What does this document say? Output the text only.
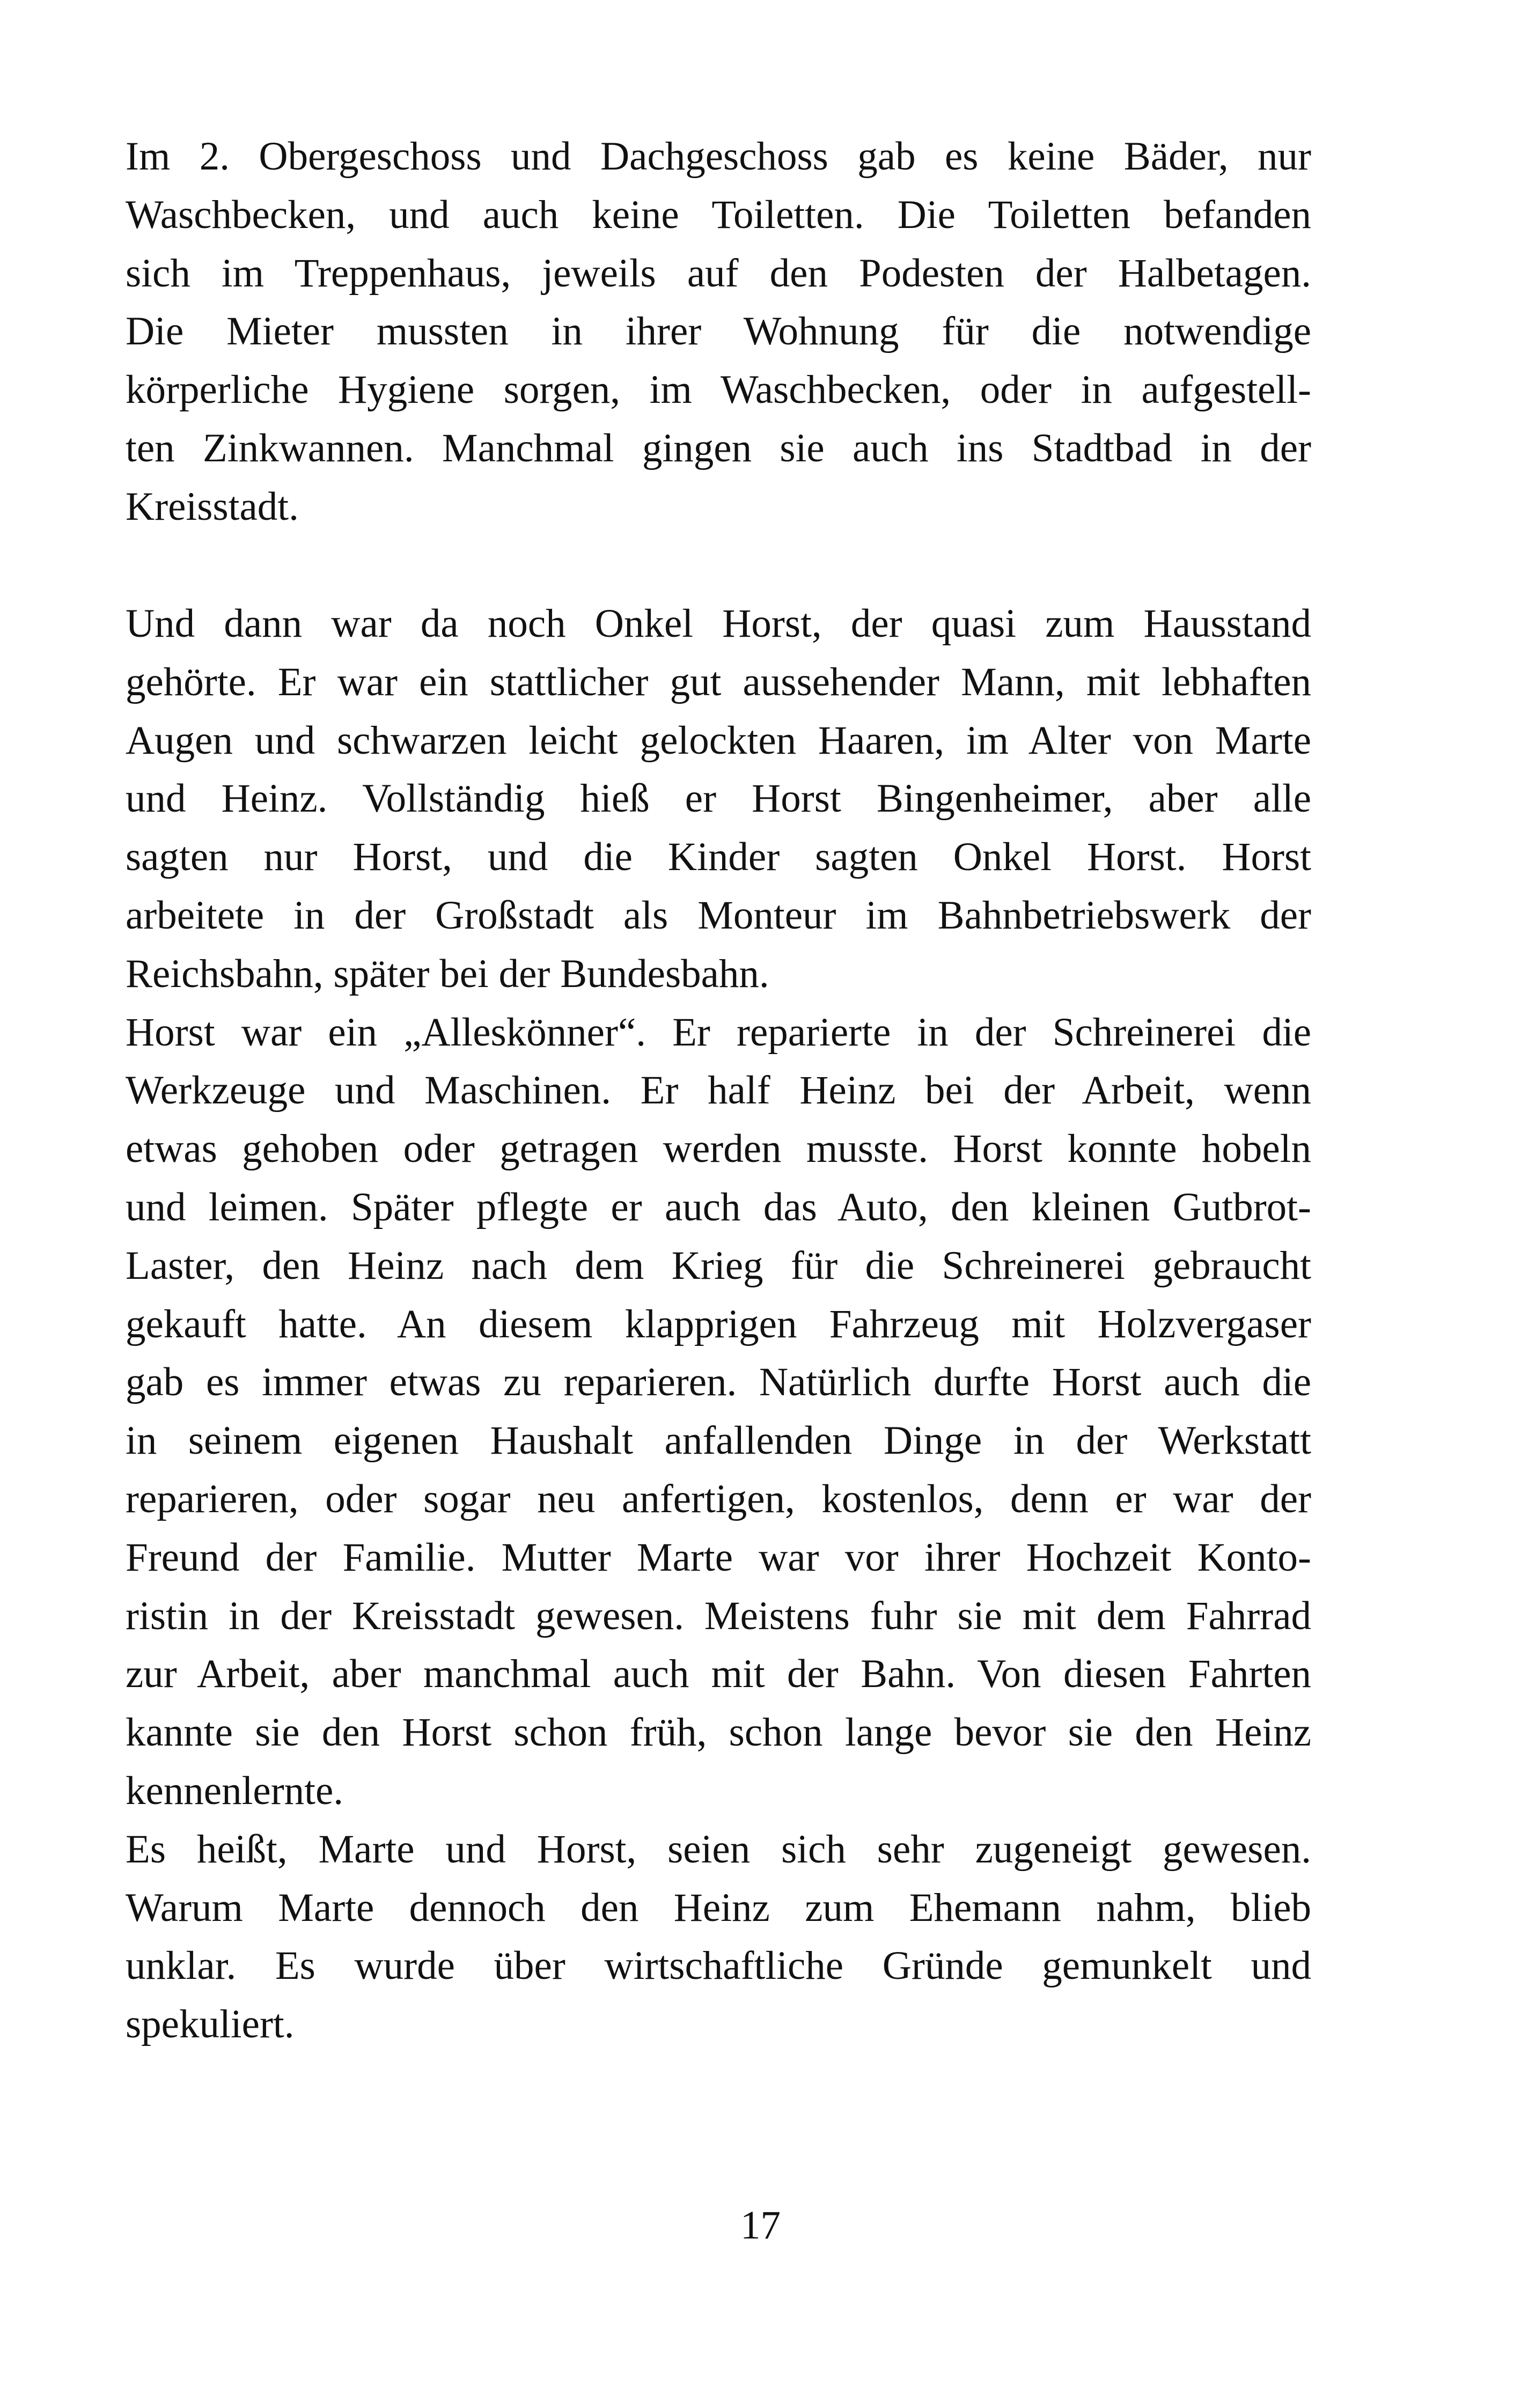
Im 2. Obergeschoss und Dachgeschoss gab es keine Bäder, nur
Waschbecken, und auch keine Toiletten. Die Toiletten befanden
sich im Treppenhaus, jeweils auf den Podesten der Halbetagen.
Die Mieter mussten in ihrer Wohnung für die notwendige
körperliche Hygiene sorgen, im Waschbecken, oder in aufgestell-
ten Zinkwannen. Manchmal gingen sie auch ins Stadtbad in der
Kreisstadt.
Und dann war da noch Onkel Horst, der quasi zum Hausstand
gehörte. Er war ein stattlicher gut aussehender Mann, mit lebhaften
Augen und schwarzen leicht gelockten Haaren, im Alter von Marte
und Heinz. Vollständig hieß er Horst Bingenheimer, aber alle
sagten nur Horst, und die Kinder sagten Onkel Horst. Horst
arbeitete in der Großstadt als Monteur im Bahnbetriebswerk der
Reichsbahn, später bei der Bundesbahn.
Horst war ein „Alleskönner“. Er reparierte in der Schreinerei die
Werkzeuge und Maschinen. Er half Heinz bei der Arbeit, wenn
etwas gehoben oder getragen werden musste. Horst konnte hobeln
und leimen. Später pflegte er auch das Auto, den kleinen Gutbrot-
Laster, den Heinz nach dem Krieg für die Schreinerei gebraucht
gekauft hatte. An diesem klapprigen Fahrzeug mit Holzvergaser
gab es immer etwas zu reparieren. Natürlich durfte Horst auch die
in seinem eigenen Haushalt anfallenden Dinge in der Werkstatt
reparieren, oder sogar neu anfertigen, kostenlos, denn er war der
Freund der Familie. Mutter Marte war vor ihrer Hochzeit Konto-
ristin in der Kreisstadt gewesen. Meistens fuhr sie mit dem Fahrrad
zur Arbeit, aber manchmal auch mit der Bahn. Von diesen Fahrten
kannte sie den Horst schon früh, schon lange bevor sie den Heinz
kennenlernte.
Es heißt, Marte und Horst, seien sich sehr zugeneigt gewesen.
Warum Marte dennoch den Heinz zum Ehemann nahm, blieb
unklar. Es wurde über wirtschaftliche Gründe gemunkelt und
spekuliert.
17
